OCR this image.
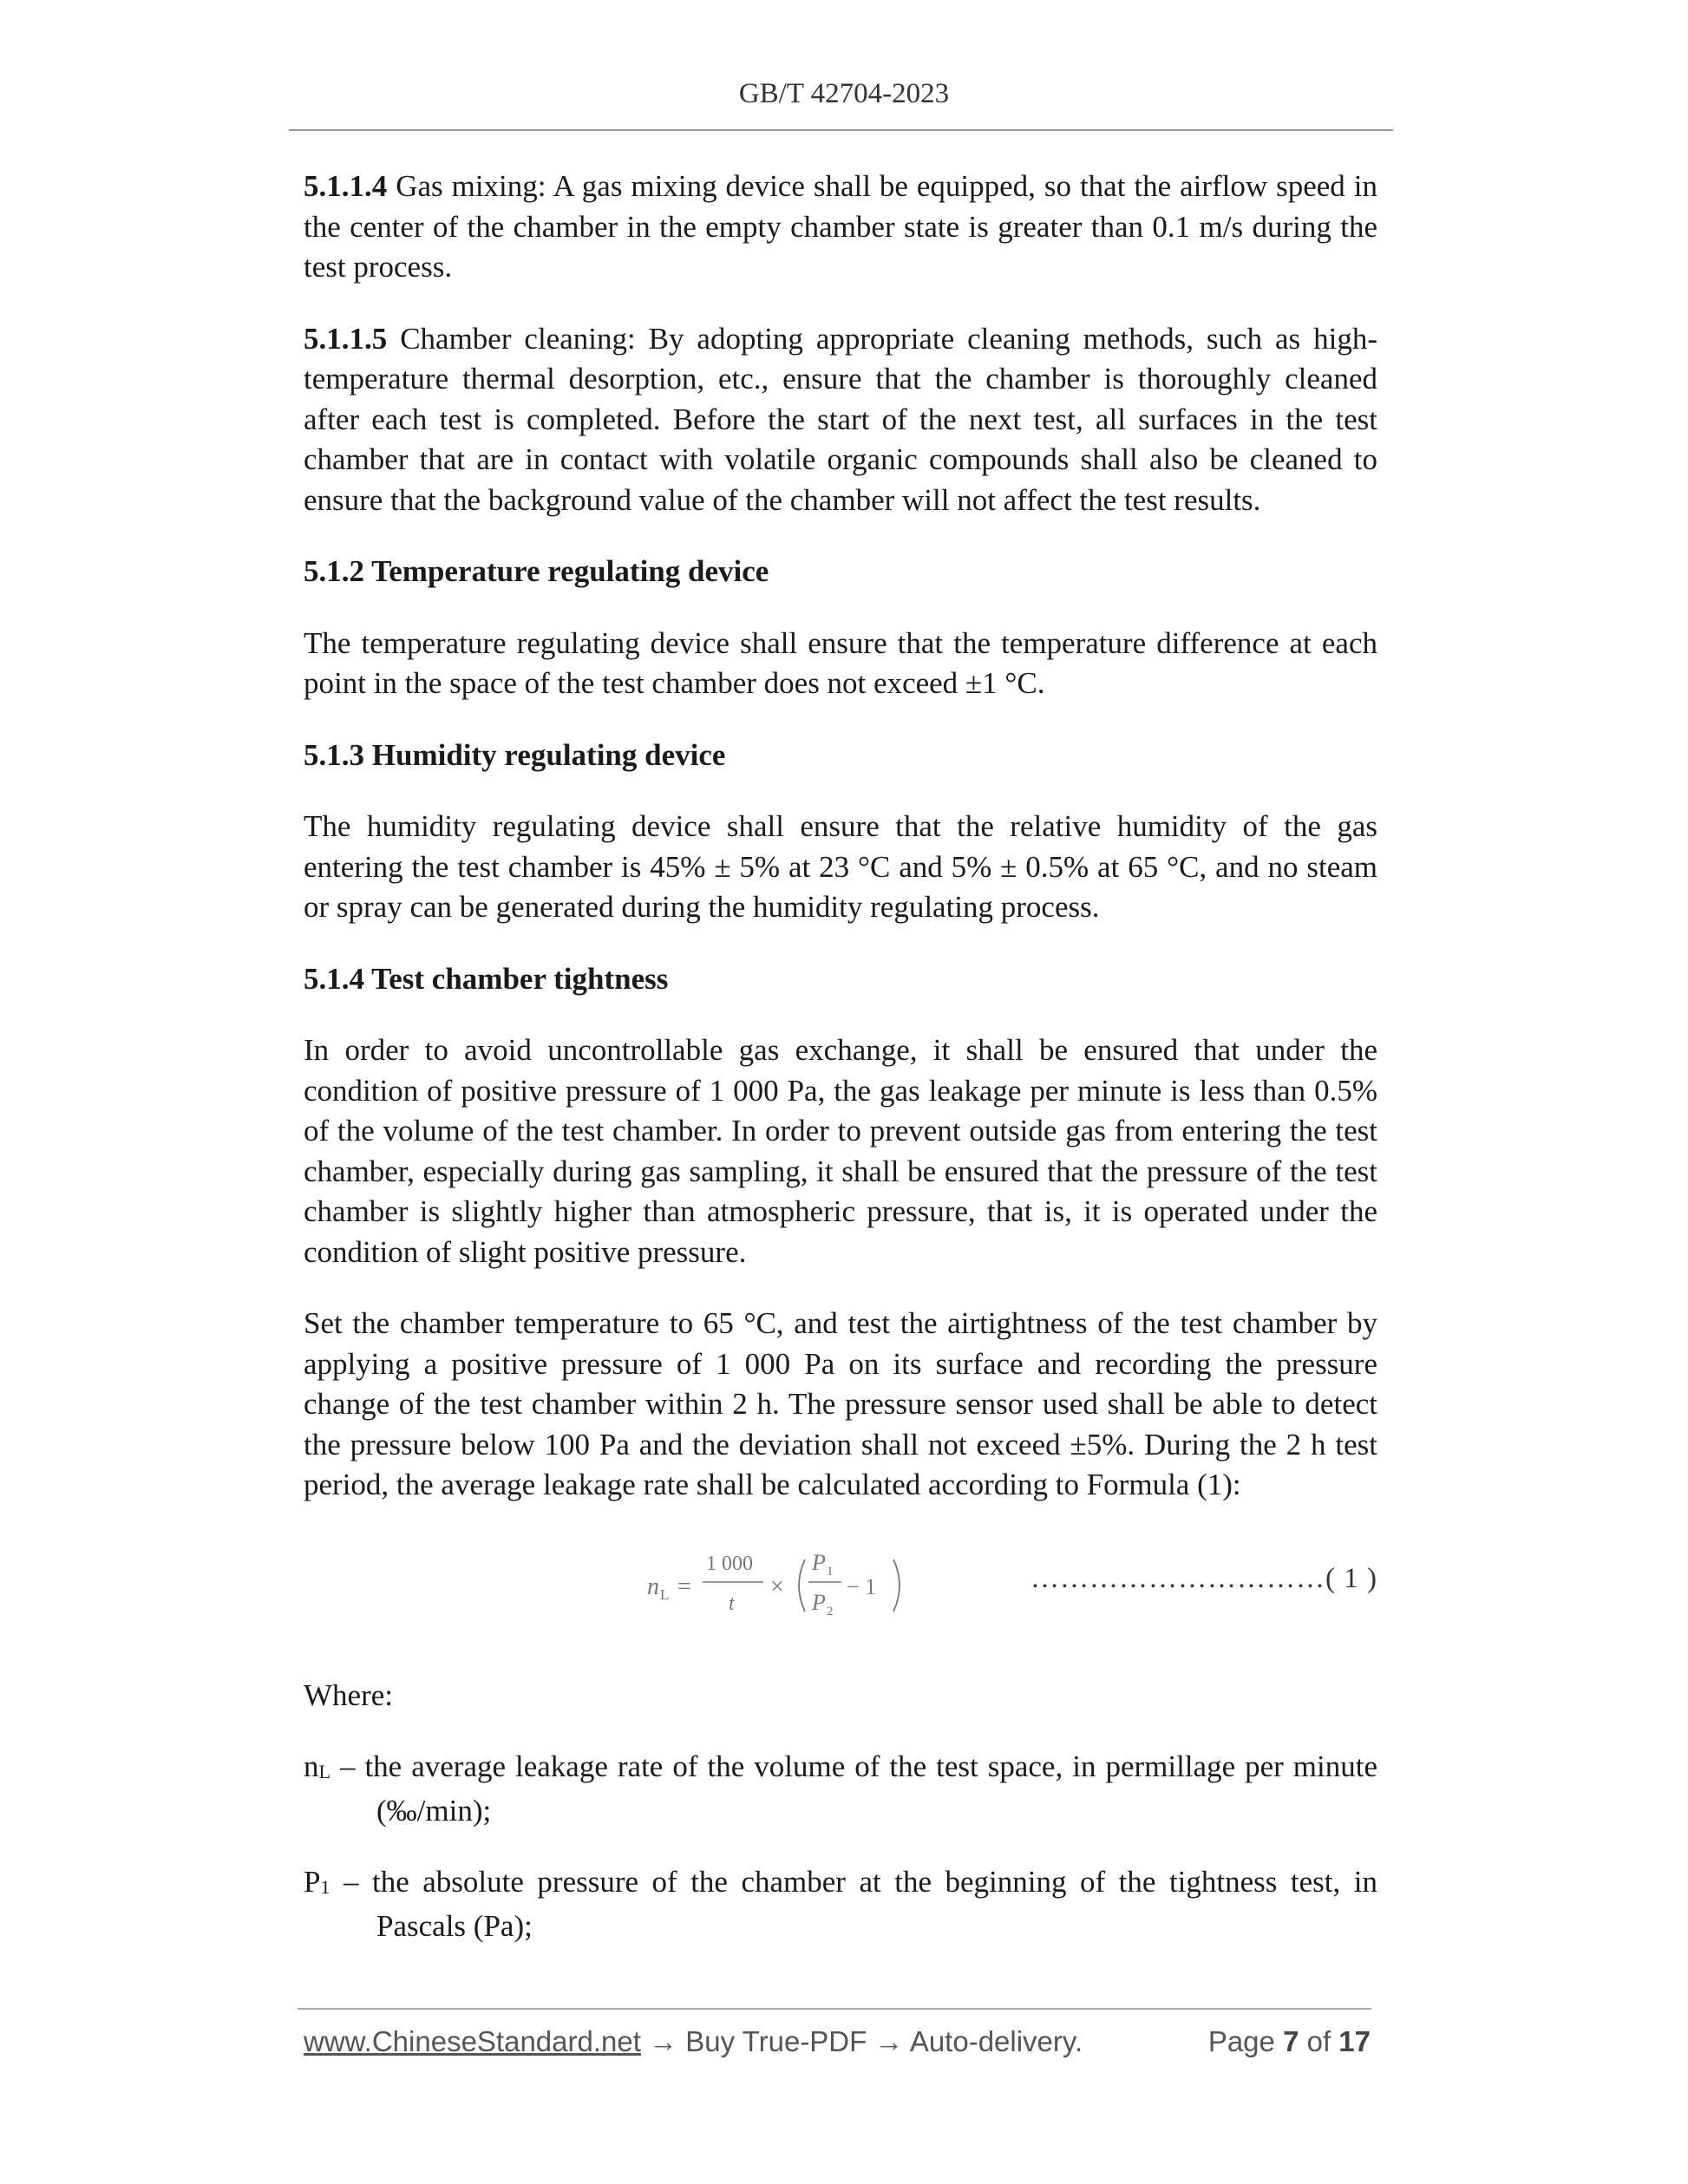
GB/T 42704-2023

5.1.1.4 Gas mixing: A gas mixing device shall be equipped, so that the airflow speed in the center of the chamber in the empty chamber state is greater than 0.1 m/s during the test process.

5.1.1.5 Chamber cleaning: By adopting appropriate cleaning methods, such as high-temperature thermal desorption, etc., ensure that the chamber is thoroughly cleaned after each test is completed. Before the start of the next test, all surfaces in the test chamber that are in contact with volatile organic compounds shall also be cleaned to ensure that the background value of the chamber will not affect the test results.

5.1.2 Temperature regulating device

The temperature regulating device shall ensure that the temperature difference at each point in the space of the test chamber does not exceed ±1 °C.

5.1.3 Humidity regulating device

The humidity regulating device shall ensure that the relative humidity of the gas entering the test chamber is 45% ± 5% at 23 °C and 5% ± 0.5% at 65 °C, and no steam or spray can be generated during the humidity regulating process.

5.1.4 Test chamber tightness

In order to avoid uncontrollable gas exchange, it shall be ensured that under the condition of positive pressure of 1 000 Pa, the gas leakage per minute is less than 0.5% of the volume of the test chamber. In order to prevent outside gas from entering the test chamber, especially during gas sampling, it shall be ensured that the pressure of the test chamber is slightly higher than atmospheric pressure, that is, it is operated under the condition of slight positive pressure.

Set the chamber temperature to 65 °C, and test the airtightness of the test chamber by applying a positive pressure of 1 000 Pa on its surface and recording the pressure change of the test chamber within 2 h. The pressure sensor used shall be able to detect the pressure below 100 Pa and the deviation shall not exceed ±5%. During the 2 h test period, the average leakage rate shall be calculated according to Formula (1):

n L =
1 000
t
×
P 1
P 2
− 1	…………………………( 1 )

Where:

$n_L$ – the average leakage rate of the volume of the test space, in permillage per minute (‰/min);

$P_1$ – the absolute pressure of the chamber at the beginning of the tightness test, in Pascals (Pa);

www.ChineseStandard.net → Buy True-PDF → Auto-delivery.	Page 7 of 17
